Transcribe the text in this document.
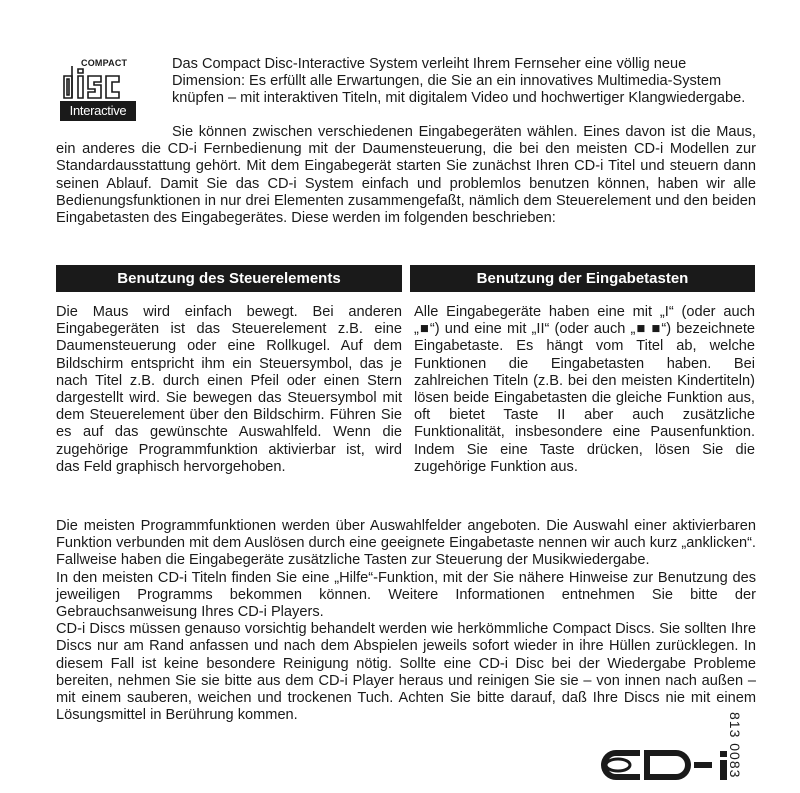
COMPACT
Interactive

Das Compact Disc-Interactive System verleiht Ihrem Fernseher eine völlig neue Dimension: Es erfüllt alle Erwartungen, die Sie an ein innovatives Multimedia-System knüpfen – mit interaktiven Titeln, mit digitalem Video und hochwertiger Klangwiedergabe.

Sie können zwischen verschiedenen Eingabegeräten wählen. Eines davon ist die Maus, ein anderes die CD-i Fernbedienung mit der Daumensteuerung, die bei den meisten CD-i Modellen zur Standardausstattung gehört. Mit dem Eingabegerät starten Sie zunächst Ihren CD-i Titel und steuern dann seinen Ablauf. Damit Sie das CD-i System einfach und problemlos benutzen können, haben wir alle Bedienungsfunktionen in nur drei Elementen zusammengefaßt, nämlich dem Steuerelement und den beiden Eingabetasten des Eingabegerätes. Diese werden im folgenden beschrieben:

Benutzung des Steuerelements	Benutzung der Eingabetasten

Die Maus wird einfach bewegt. Bei anderen Eingabegeräten ist das Steuerelement z.B. eine Daumensteuerung oder eine Rollkugel. Auf dem Bildschirm entspricht ihm ein Steuersymbol, das je nach Titel z.B. durch einen Pfeil oder einen Stern dargestellt wird. Sie bewegen das Steuersymbol mit dem Steuerelement über den Bildschirm. Führen Sie es auf das gewünschte Auswahlfeld. Wenn die zugehörige Programmfunktion aktivierbar ist, wird das Feld graphisch hervorgehoben.

Alle Eingabegeräte haben eine mit „I“ (oder auch „■“) und eine mit „II“ (oder auch „■ ■“) bezeichnete Eingabetaste. Es hängt vom Titel ab, welche Funktionen die Eingabetasten haben. Bei zahlreichen Titeln (z.B. bei den meisten Kindertiteln) lösen beide Eingabetasten die gleiche Funktion aus, oft bietet Taste II aber auch zusätzliche Funktionalität, insbesondere eine Pausenfunktion. Indem Sie eine Taste drücken, lösen Sie die zugehörige Funktion aus.

Die meisten Programmfunktionen werden über Auswahlfelder angeboten. Die Auswahl einer aktivierbaren Funktion verbunden mit dem Auslösen durch eine geeignete Eingabetaste nennen wir auch kurz „anklicken“. Fallweise haben die Eingabegeräte zusätzliche Tasten zur Steuerung der Musikwiedergabe.

In den meisten CD-i Titeln finden Sie eine „Hilfe“-Funktion, mit der Sie nähere Hinweise zur Benutzung des jeweiligen Programms bekommen können. Weitere Informationen entnehmen Sie bitte der Gebrauchsanweisung Ihres CD-i Players.

CD-i Discs müssen genauso vorsichtig behandelt werden wie herkömmliche Compact Discs. Sie sollten Ihre Discs nur am Rand anfassen und nach dem Abspielen jeweils sofort wieder in ihre Hüllen zurücklegen. In diesem Fall ist keine besondere Reinigung nötig. Sollte eine CD-i Disc bei der Wiedergabe Probleme bereiten, nehmen Sie sie bitte aus dem CD-i Player heraus und reinigen Sie sie – von innen nach außen – mit einem sauberen, weichen und trockenen Tuch. Achten Sie bitte darauf, daß Ihre Discs nie mit einem Lösungsmittel in Berührung kommen.	813 0083
